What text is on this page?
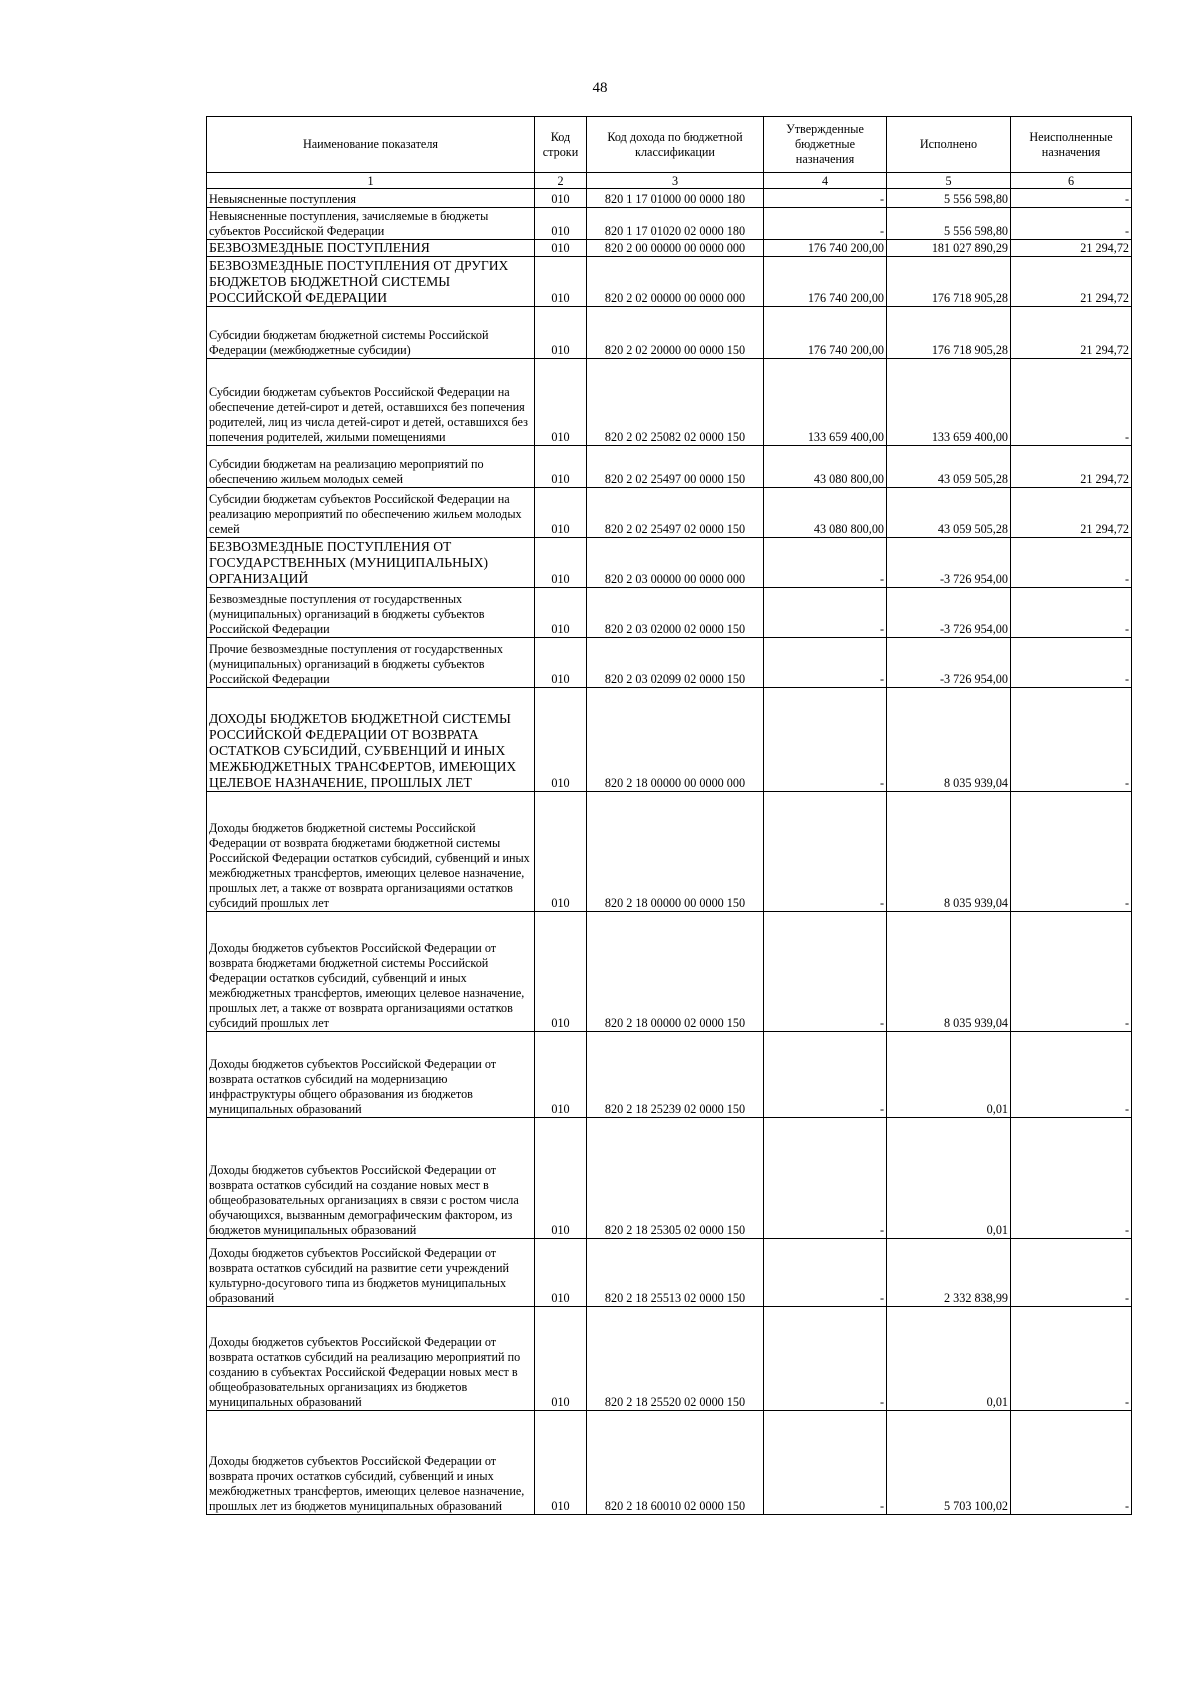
48
Наименование показателя	Код строки	Код дохода по бюджетной классификации	Утвержденные бюджетные назначения	Исполнено	Неисполненные назначения
1	2	3	4	5	6
Невыясненные поступления	010	820 1 17 01000 00 0000 180	-	5 556 598,80	-
Невыясненные поступления, зачисляемые в бюджеты субъектов Российской Федерации	010	820 1 17 01020 02 0000 180	-	5 556 598,80	-
БЕЗВОЗМЕЗДНЫЕ ПОСТУПЛЕНИЯ	010	820 2 00 00000 00 0000 000	176 740 200,00	181 027 890,29	21 294,72
БЕЗВОЗМЕЗДНЫЕ ПОСТУПЛЕНИЯ ОТ ДРУГИХ БЮДЖЕТОВ БЮДЖЕТНОЙ СИСТЕМЫ РОССИЙСКОЙ ФЕДЕРАЦИИ	010	820 2 02 00000 00 0000 000	176 740 200,00	176 718 905,28	21 294,72
Субсидии бюджетам бюджетной системы Российской Федерации (межбюджетные субсидии)	010	820 2 02 20000 00 0000 150	176 740 200,00	176 718 905,28	21 294,72
Субсидии бюджетам субъектов Российской Федерации на обеспечение детей-сирот и детей, оставшихся без попечения родителей, лиц из числа детей-сирот и детей, оставшихся без попечения родителей, жилыми помещениями	010	820 2 02 25082 02 0000 150	133 659 400,00	133 659 400,00	-
Субсидии бюджетам на реализацию мероприятий по обеспечению жильем молодых семей	010	820 2 02 25497 00 0000 150	43 080 800,00	43 059 505,28	21 294,72
Субсидии бюджетам субъектов Российской Федерации на реализацию мероприятий по обеспечению жильем молодых семей	010	820 2 02 25497 02 0000 150	43 080 800,00	43 059 505,28	21 294,72
БЕЗВОЗМЕЗДНЫЕ ПОСТУПЛЕНИЯ ОТ ГОСУДАРСТВЕННЫХ (МУНИЦИПАЛЬНЫХ) ОРГАНИЗАЦИЙ	010	820 2 03 00000 00 0000 000	-	-3 726 954,00	-
Безвозмездные поступления от государственных (муниципальных) организаций в бюджеты субъектов Российской Федерации	010	820 2 03 02000 02 0000 150	-	-3 726 954,00	-
Прочие безвозмездные поступления от государственных (муниципальных) организаций в бюджеты субъектов Российской Федерации	010	820 2 03 02099 02 0000 150	-	-3 726 954,00	-
ДОХОДЫ БЮДЖЕТОВ БЮДЖЕТНОЙ СИСТЕМЫ РОССИЙСКОЙ ФЕДЕРАЦИИ ОТ ВОЗВРАТА ОСТАТКОВ СУБСИДИЙ, СУБВЕНЦИЙ И ИНЫХ МЕЖБЮДЖЕТНЫХ ТРАНСФЕРТОВ, ИМЕЮЩИХ ЦЕЛЕВОЕ НАЗНАЧЕНИЕ, ПРОШЛЫХ ЛЕТ	010	820 2 18 00000 00 0000 000	-	8 035 939,04	-
Доходы бюджетов бюджетной системы Российской Федерации от возврата бюджетами бюджетной системы Российской Федерации остатков субсидий, субвенций и иных межбюджетных трансфертов, имеющих целевое назначение, прошлых лет, а также от возврата организациями остатков субсидий прошлых лет	010	820 2 18 00000 00 0000 150	-	8 035 939,04	-
Доходы бюджетов субъектов Российской Федерации от возврата бюджетами бюджетной системы Российской Федерации остатков субсидий, субвенций и иных межбюджетных трансфертов, имеющих целевое назначение, прошлых лет, а также от возврата организациями остатков субсидий прошлых лет	010	820 2 18 00000 02 0000 150	-	8 035 939,04	-
Доходы бюджетов субъектов Российской Федерации от возврата остатков субсидий на модернизацию инфраструктуры общего образования из бюджетов муниципальных образований	010	820 2 18 25239 02 0000 150	-	0,01	-
Доходы бюджетов субъектов Российской Федерации от возврата остатков субсидий на создание новых мест в общеобразовательных организациях в связи с ростом числа обучающихся, вызванным демографическим фактором, из бюджетов муниципальных образований	010	820 2 18 25305 02 0000 150	-	0,01	-
Доходы бюджетов субъектов Российской Федерации от возврата остатков субсидий на развитие сети учреждений культурно-досугового типа из бюджетов муниципальных образований	010	820 2 18 25513 02 0000 150	-	2 332 838,99	-
Доходы бюджетов субъектов Российской Федерации от возврата остатков субсидий на реализацию мероприятий по созданию в субъектах Российской Федерации новых мест в общеобразовательных организациях из бюджетов муниципальных образований	010	820 2 18 25520 02 0000 150	-	0,01	-
Доходы бюджетов субъектов Российской Федерации от возврата прочих остатков субсидий, субвенций и иных межбюджетных трансфертов, имеющих целевое назначение, прошлых лет из бюджетов муниципальных образований	010	820 2 18 60010 02 0000 150	-	5 703 100,02	-
